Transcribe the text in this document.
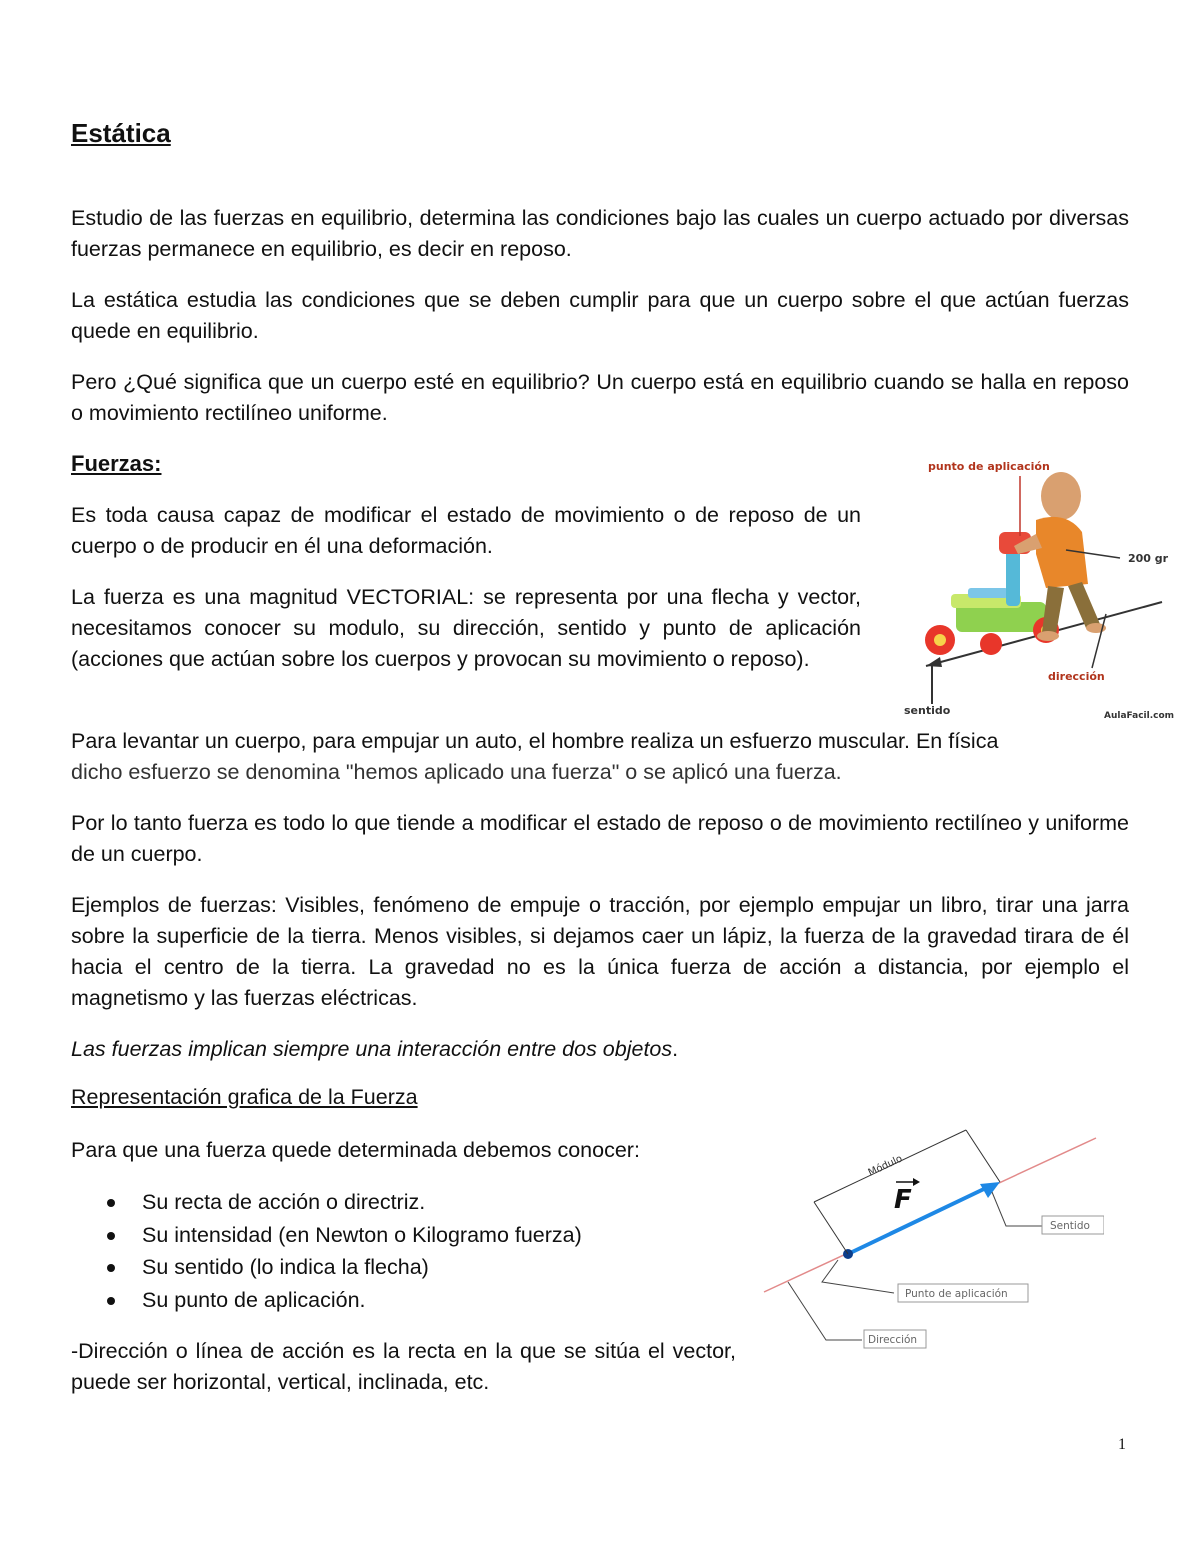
Estática

Estudio de las fuerzas en equilibrio, determina las condiciones bajo las cuales un cuerpo actuado por diversas fuerzas permanece en equilibrio, es decir en reposo.

La estática estudia las condiciones que se deben cumplir para que un cuerpo sobre el que actúan fuerzas quede en equilibrio.

Pero ¿Qué significa que un cuerpo esté en equilibrio? Un cuerpo está en equilibrio cuando se halla en reposo o movimiento rectilíneo uniforme.

Fuerzas:

Es toda causa capaz de modificar el estado de movimiento o de reposo de un cuerpo o de producir en él una deformación.

La fuerza es una magnitud VECTORIAL: se representa por una flecha y vector, necesitamos conocer su modulo, su dirección, sentido y punto de aplicación (acciones que actúan sobre los cuerpos y provocan su movimiento o reposo).

Para levantar un cuerpo, para empujar un auto, el hombre realiza un esfuerzo muscular. En física

dicho esfuerzo se denomina "hemos aplicado una fuerza" o se aplicó una fuerza.

Por lo tanto fuerza es todo lo que tiende a modificar el estado de reposo o de movimiento rectilíneo y uniforme de un cuerpo.

Ejemplos de fuerzas: Visibles, fenómeno de empuje o tracción, por ejemplo empujar un libro, tirar una jarra sobre la superficie de la tierra. Menos visibles, si dejamos caer un lápiz, la fuerza de la gravedad tirara de él hacia el centro de la tierra. La gravedad no es la única fuerza de acción a distancia, por ejemplo el magnetismo y las fuerzas eléctricas.

Las fuerzas implican siempre una interacción entre dos objetos.

Representación grafica de la Fuerza

Para que una fuerza quede determinada debemos conocer:

Su recta de acción o directriz.
Su intensidad (en Newton o Kilogramo fuerza)
Su sentido (lo indica la flecha)
Su punto de aplicación.

-Dirección o línea de acción es la recta en la que se sitúa el vector, puede ser horizontal, vertical, inclinada, etc.

punto de aplicación
200 gr
dirección
sentido	AulaFacil.com
Módulo
F
Sentido
Punto de aplicación
Dirección
1
